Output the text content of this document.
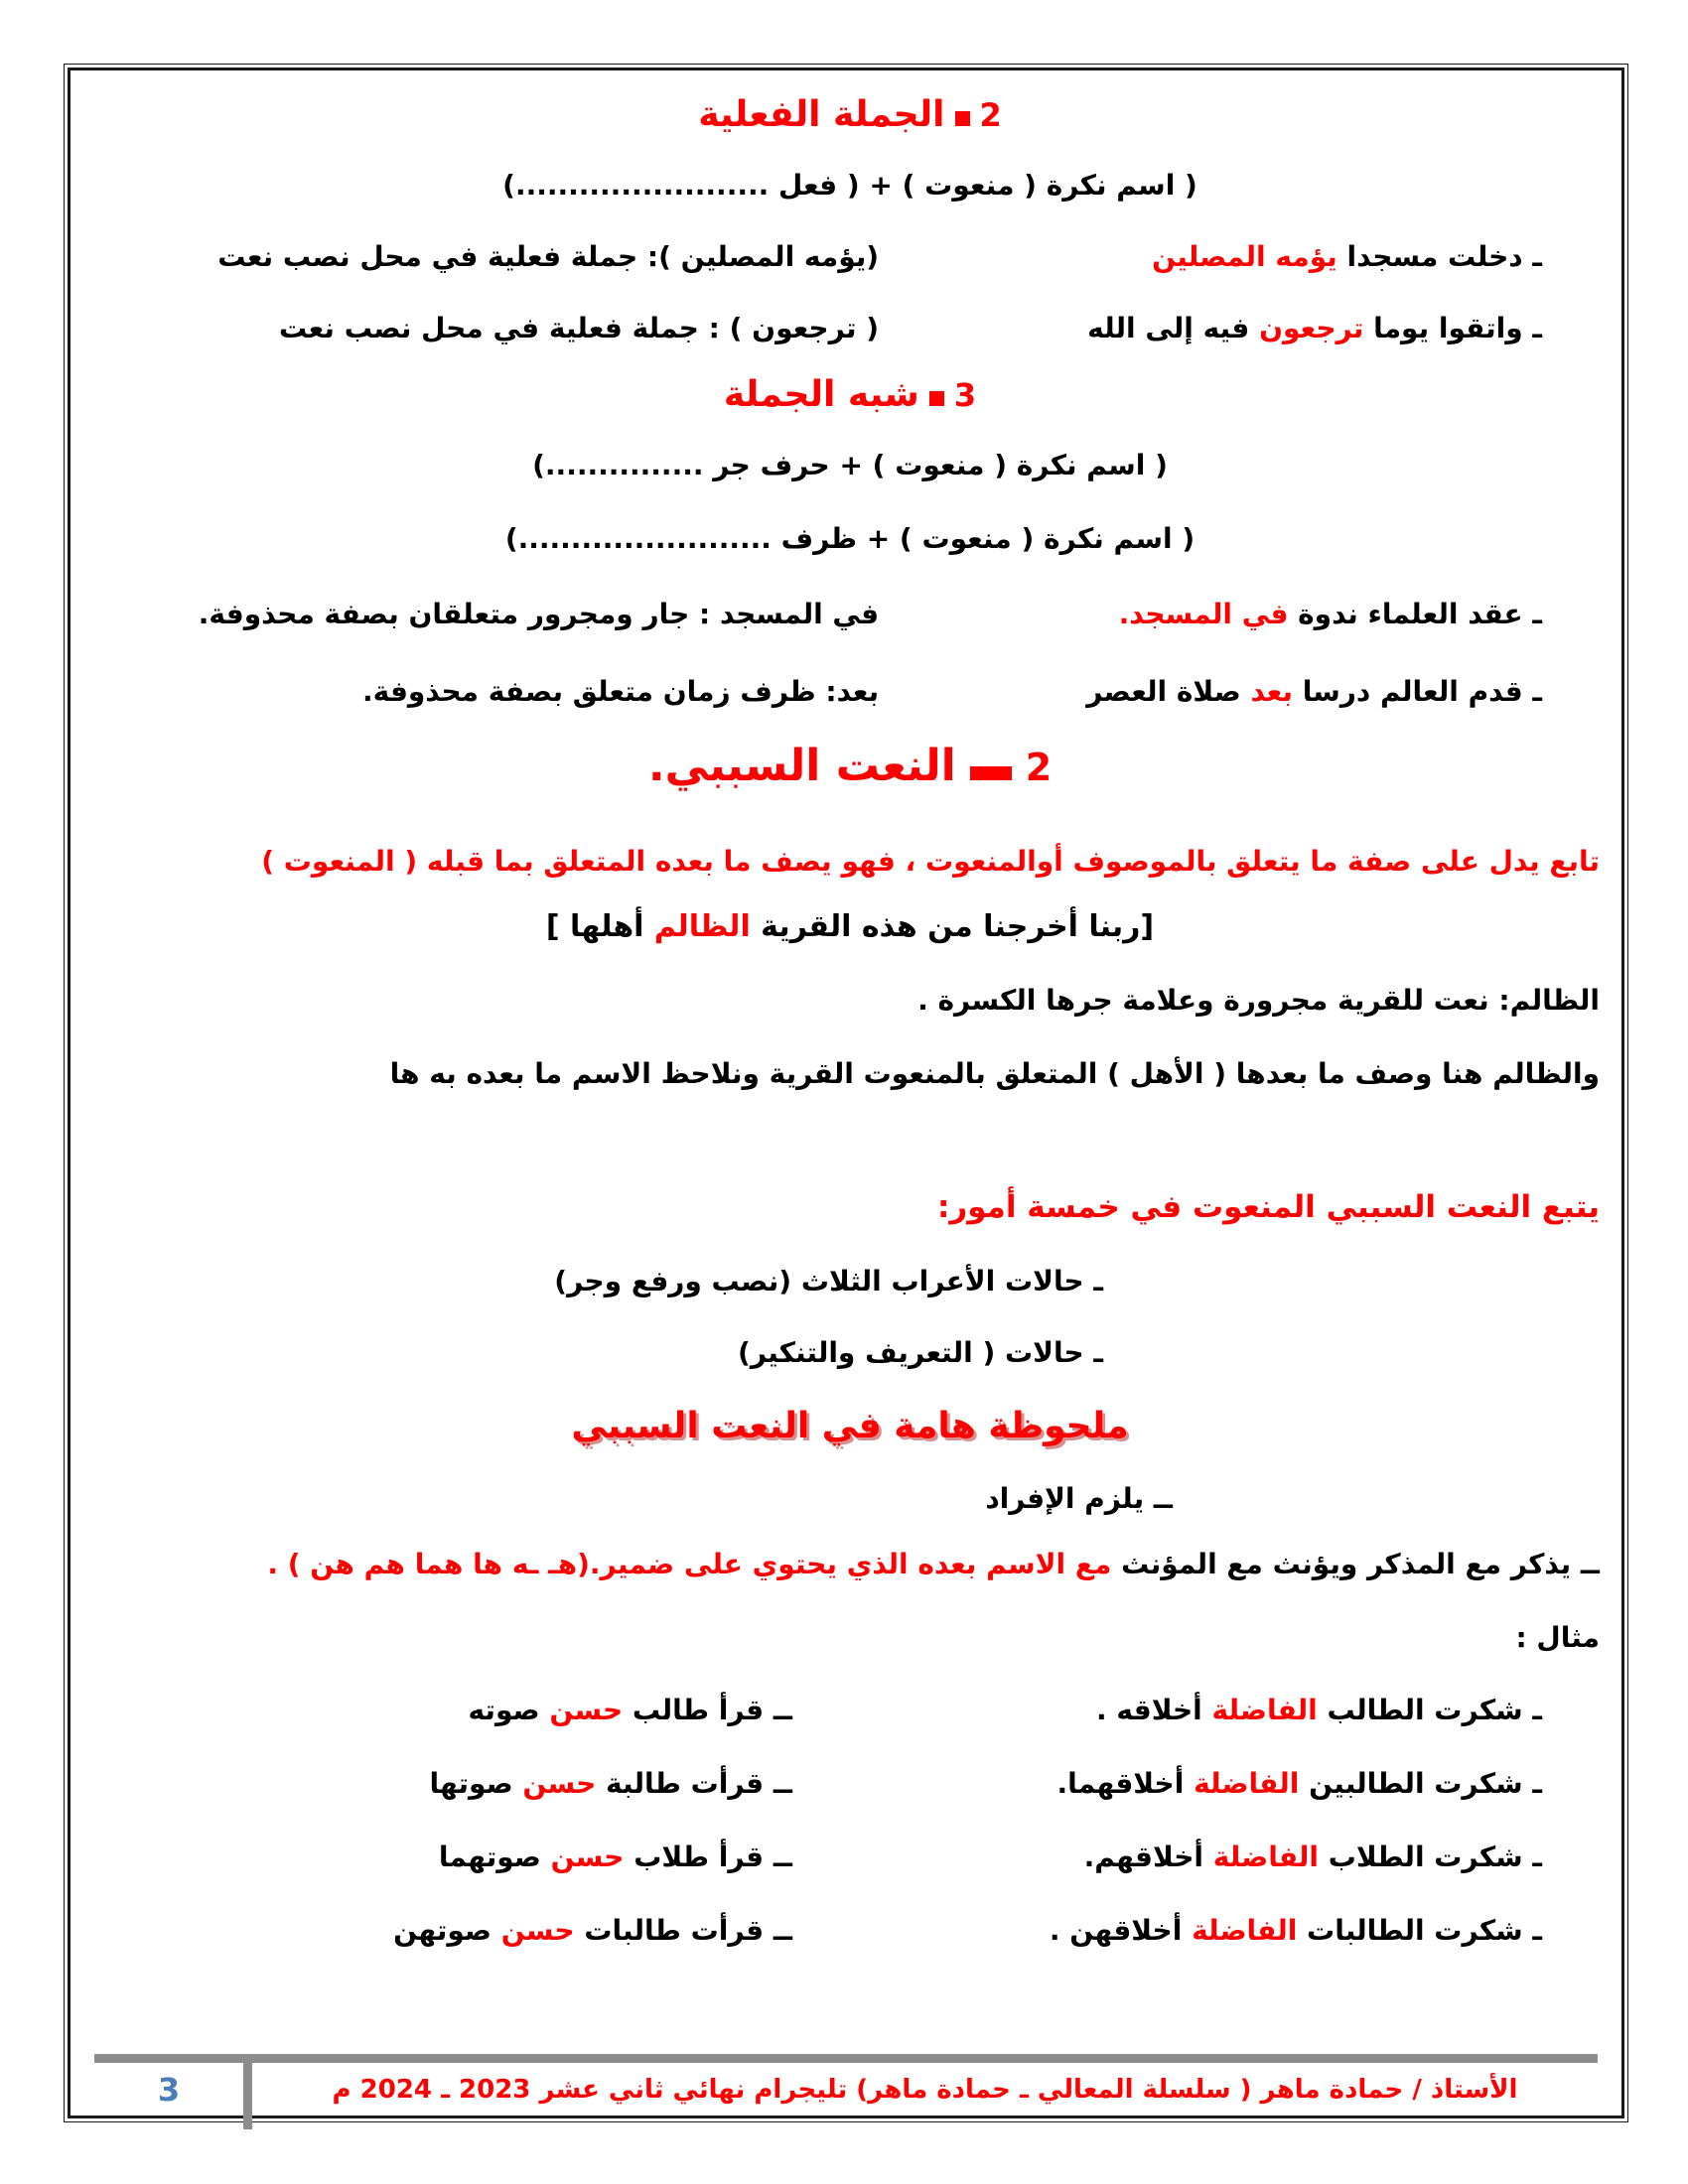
2الجملة الفعلية
( اسم نكرة ( منعوت ) + ( فعل ........................)
ـ دخلت مسجدا يؤمه المصلين
(يؤمه المصلين ): جملة فعلية في محل نصب نعت
ـ واتقوا يوما ترجعون فيه إلى الله
( ترجعون ) : جملة فعلية في محل نصب نعت
3شبه الجملة
( اسم نكرة ( منعوت ) + حرف جر ...............)
( اسم نكرة ( منعوت ) + ظرف ........................)
ـ عقد العلماء ندوة في المسجد.
في المسجد : جار ومجرور متعلقان بصفة محذوفة.
ـ قدم العالم درسا بعد صلاة العصر
بعد: ظرف زمان متعلق بصفة محذوفة.
2النعت السببي.
تابع يدل على صفة ما يتعلق بالموصوف أوالمنعوت ، فهو يصف ما بعده المتعلق بما قبله ( المنعوت )
[ربنا أخرجنا من هذه القرية الظالم أهلها ]
الظالم: نعت للقرية مجرورة وعلامة جرها الكسرة .
والظالم هنا وصف ما بعدها ( الأهل ) المتعلق بالمنعوت القرية ونلاحظ الاسم ما بعده به ها
يتبع النعت السببي المنعوت في خمسة أمور:
ـ حالات الأعراب الثلاث (نصب ورفع وجر)
ـ حالات ( التعريف والتنكير)
ملحوظة هامة في النعت السببي
ــ يلزم الإفراد
ــ يذكر مع المذكر ويؤنث مع المؤنث مع الاسم بعده الذي يحتوي على ضمير.(هـ ـه ها هما هم هن ) .
مثال :
ـ شكرت الطالب الفاضلة أخلاقه .
ــ قرأ طالب حسن صوته
ـ شكرت الطالبين الفاضلة أخلاقهما.
ــ قرأت طالبة حسن صوتها
ـ شكرت الطلاب الفاضلة أخلاقهم.
ــ قرأ طلاب حسن صوتهما
ـ شكرت الطالبات الفاضلة أخلاقهن .
ــ قرأت طالبات حسن صوتهن
الأستاذ / حمادة ماهر ( سلسلة المعالي ـ حمادة ماهر) تليجرام نهائي ثاني عشر 2023 ـ 2024 م
3
